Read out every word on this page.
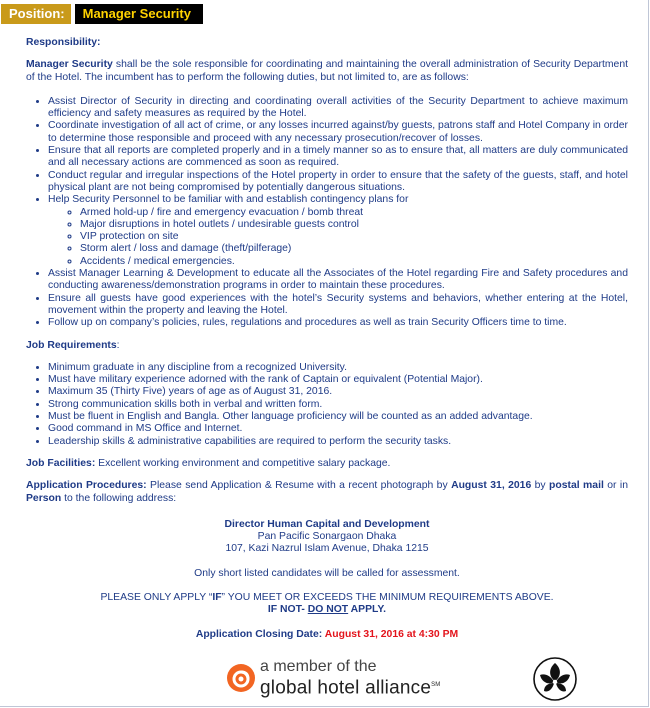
Position:	Manager Security

Responsibility:

Manager Security shall be the sole responsible for coordinating and maintaining the overall administration of Security Department of the Hotel. The incumbent has to perform the following duties, but not limited to, are as follows:

• Assist Director of Security in directing and coordinating overall activities of the Security Department to achieve maximum efficiency and safety measures as required by the Hotel.
• Coordinate investigation of all act of crime, or any losses incurred against/by guests, patrons staff and Hotel Company in order to determine those responsible and proceed with any necessary prosecution/recover of losses.
• Ensure that all reports are completed properly and in a timely manner so as to ensure that, all matters are duly communicated and all necessary actions are commenced as soon as required.
• Conduct regular and irregular inspections of the Hotel property in order to ensure that the safety of the guests, staff, and hotel physical plant are not being compromised by potentially dangerous situations.
• Help Security Personnel to be familiar with and establish contingency plans for
◦ Armed hold-up / fire and emergency evacuation / bomb threat
◦ Major disruptions in hotel outlets / undesirable guests control
◦ VIP protection on site
◦ Storm alert / loss and damage (theft/pilferage)
◦ Accidents / medical emergencies.
• Assist Manager Learning & Development to educate all the Associates of the Hotel regarding Fire and Safety procedures and conducting awareness/demonstration programs in order to maintain these procedures.
• Ensure all guests have good experiences with the hotel’s Security systems and behaviors, whether entering at the Hotel, movement within the property and leaving the Hotel.
• Follow up on company’s policies, rules, regulations and procedures as well as train Security Officers time to time.

Job Requirements:

• Minimum graduate in any discipline from a recognized University.
• Must have military experience adorned with the rank of Captain or equivalent (Potential Major).
• Maximum 35 (Thirty Five) years of age as of August 31, 2016.
• Strong communication skills both in verbal and written form.
• Must be fluent in English and Bangla. Other language proficiency will be counted as an added advantage.
• Good command in MS Office and Internet.
• Leadership skills & administrative capabilities are required to perform the security tasks.

Job Facilities: Excellent working environment and competitive salary package.

Application Procedures: Please send Application & Resume with a recent photograph by August 31, 2016 by postal mail or in Person to the following address:

Director Human Capital and Development
Pan Pacific Sonargaon Dhaka
107, Kazi Nazrul Islam Avenue, Dhaka 1215
Only short listed candidates will be called for assessment.
PLEASE ONLY APPLY “IF” YOU MEET OR EXCEEDS THE MINIMUM REQUIREMENTS ABOVE.
IF NOT- DO NOT APPLY.
Application Closing Date: August 31, 2016 at 4:30 PM
a member of the
global hotel alliance℠
